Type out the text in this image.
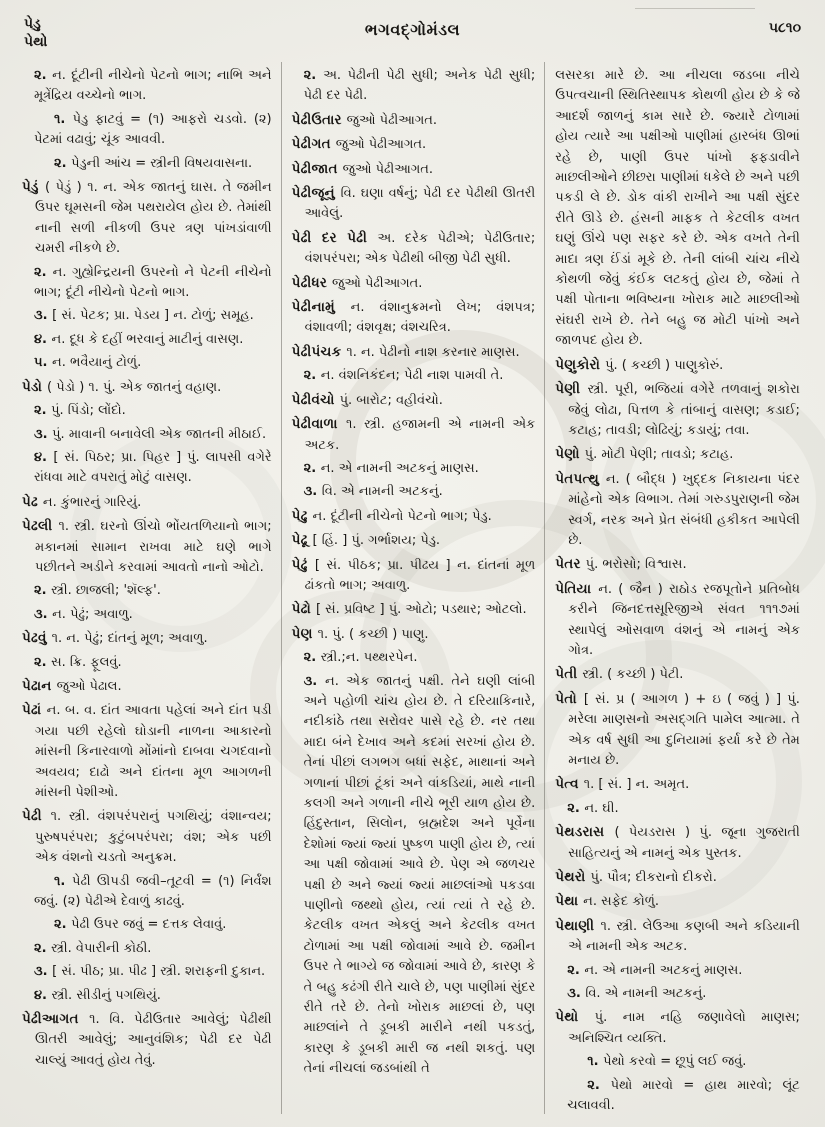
પેડુ
પેથો
ભગવદ્ગોમંડલ	૫૮૧૦

૨. ન. દૂંટીની નીચેનો પેટનો ભાગ; નાભિ અને મૂત્રેંદ્રિય વચ્ચેનો ભાગ.

૧. પેડુ ફાટવું = (૧) આફરો ચડવો. (૨) પેટમાં વઢાવું; ચૂંક આવવી.

૨. પેડુની આંચ = સ્ત્રીની વિષયવાસના.

પેડું ( પેડું ) ૧. ન. એક જાતનું ઘાસ. તે જમીન ઉપર ઘૂમસની જેમ પથરાયેલ હોય છે. તેમાંથી નાની સળી નીકળી ઉપર ત્રણ પાંખડાંવાળી ચમરી નીકળે છે.

૨. ન. ગુહ્યેન્દ્રિયની ઉપરનો ને પેટની નીચેનો ભાગ; દૂંટી નીચેનો પેટનો ભાગ.

૩. [ સં. પેટક; પ્રા. પેડય ] ન. ટોળું; સમૂહ.

૪. ન. દૂધ કે દહીં ભરવાનું માટીનું વાસણ.

૫. ન. ભવૈયાનું ટોળું.

પેડો ( પેડો ) ૧. પું. એક જાતનું વહાણ.

૨. પું. પિંડો; લોંદો.

૩. પું. માવાની બનાવેલી એક જાતની મીઠાઈ.

૪. [ સં. પિઠર; પ્રા. પિહર ] પું. લાપસી વગેરે રાંધવા માટે વપરાતું મોટું વાસણ.

પેઢ ન. કુંભારનું ગારિયું.

પેઢલી ૧. સ્ત્રી. ઘરનો ઊંચો ભોંયતળિયાનો ભાગ; મકાનમાં સામાન રાખવા માટે ઘણે ભાગે પછીતને અડીને કરવામાં આવતો નાનો ઓટો.

૨. સ્ત્રી. છાજલી; 'શૅલ્ફ'.

૩. ન. પેઢું; અવાળુ.

પેઢવું ૧. ન. પેઢું; દાંતનું મૂળ; અવાળુ.

૨. સ. ક્રિ. ફૂલવું.

પેઢાન જુઓ પેઢાલ.

પેઢાં ન. બ. વ. દાંત આવતા પહેલાં અને દાંત પડી ગયા પછી રહેલો ઘોડાની નાળના આકારનો માંસની કિનારવાળો મોંમાંનો દાબવા ચગદવાનો અવયવ; દાઢો અને દાંતના મૂળ આગળની માંસની પેશીઓ.

પેઢી ૧. સ્ત્રી. વંશપરંપરાનું પગથિયું; વંશાન્વય; પુરુષપરંપરા; કુટુંબપરંપરા; વંશ; એક પછી એક વંશનો ચડતો અનુક્રમ.

૧. પેઢી ઊપડી જવી–તૂટવી = (૧) નિર્વંશ જવું. (૨) પેઢીએ દેવાળું કાઢવું.

૨. પેઢી ઉપર જવું = દત્તક લેવાવું.

૨. સ્ત્રી. વેપારીની કોઠી.

૩. [ સં. પીઠ; પ્રા. પીઢ ] સ્ત્રી. શરાફની દુકાન.

૪. સ્ત્રી. સીડીનું પગથિયું.

પેઢીઆગત ૧. વિ. પેઢીઉતાર આવેલું; પેઢીથી ઊતરી આવેલું; આનુવંશિક; પેઢી દર પેઢી ચાલ્યું આવતું હોય તેવું.

૨. અ. પેઢીની પેઢી સુધી; અનેક પેઢી સુધી; પેઢી દર પેઢી.

પેઢીઉતાર જુઓ પેઢીઆગત.

પેઢીગત જુઓ પેઢીઆગત.

પેઢીજાત જુઓ પેઢીઆગત.

પેઢીજૂનું વિ. ઘણા વર્ષનું; પેઢી દર પેઢીથી ઊતરી આવેલું.

પેઢી દર પેઢી અ. દરેક પેઢીએ; પેઢીઉતાર; વંશપરંપરા; એક પેઢીથી બીજી પેઢી સુધી.

પેઢીધર જુઓ પેઢીઆગત.

પેઢીનામું ન. વંશાનુક્રમનો લેખ; વંશપત્ર; વંશાવળી; વંશવૃક્ષ; વંશચરિત્ર.

પેઢીપંચક ૧. ન. પેઢીનો નાશ કરનાર માણસ.

૨. ન. વંશનિકંદન; પેઢી નાશ પામવી તે.

પેઢીવંચો પું. બારોટ; વહીવંચો.

પેઢીવાળા ૧. સ્ત્રી. હજામની એ નામની એક અટક.

૨. ન. એ નામની અટકનું માણસ.

૩. વિ. એ નામની અટકનું.

પેઢુ ન. દૂંટીની નીચેનો પેટનો ભાગ; પેડુ.

પેઢૂ [ હિં. ] પું. ગર્ભાશય; પેડુ.

પેઢું [ સં. પીઠક; પ્રા. પીઢય ] ન. દાંતનાં મૂળ ઢાંકતો ભાગ; અવાળુ.

પેઢો [ સં. પ્રવિષ્ટ ] પું. ઓટો; પડથાર; ઓટલો.

પેણ ૧. પું. ( કચ્છી ) પાણુ.

૨. સ્ત્રી.;ન. પથ્થરપેન.

૩. ન. એક જાતનું પક્ષી. તેને ઘણી લાંબી અને પહોળી ચાંચ હોય છે. તે દરિયાકિનારે, નદીકાંઠે તથા સરોવર પાસે રહે છે. નર તથા માદા બંને દેખાવ અને કદમાં સરખાં હોય છે. તેનાં પીછાં લગભગ બધાં સફેદ, માથાનાં અને ગળાનાં પીછાં ટૂંકાં અને વાંકડિયાં, માથે નાની કલગી અને ગળાની નીચે ભૂરી યાળ હોય છે. હિંદુસ્તાન, સિલોન, બ્રહ્મદેશ અને પૂર્વેના દેશોમાં જ્યાં જ્યાં પુષ્કળ પાણી હોય છે, ત્યાં આ પક્ષી જોવામાં આવે છે. પેણ એ જળચર પક્ષી છે અને જ્યાં જ્યાં માછલાંઓ પકડવા પાણીનો જથ્થો હોય, ત્યાં ત્યાં તે રહે છે. કેટલીક વખત એકલું અને કેટલીક વખત ટોળામાં આ પક્ષી જોવામાં આવે છે. જમીન ઉપર તે ભાગ્યે જ જોવામાં આવે છે, કારણ કે તે બહુ કઢંગી રીતે ચાલે છે, પણ પાણીમાં સુંદર રીતે તરે છે. તેનો ખોરાક માછલાં છે, પણ માછલાંને તે ડૂબકી મારીને નથી પકડતું, કારણ કે ડૂબકી મારી જ નથી શકતું. પણ તેનાં નીચલાં જડબાંથી તે

લસરકા મારે છે. આ નીચલા જડબા નીચે ઉપત્વચાની સ્થિતિસ્થાપક કોથળી હોય છે કે જે આદર્શ જાળનું કામ સારે છે. જ્યારે ટોળામાં હોય ત્યારે આ પક્ષીઓ પાણીમાં હારબંધ ઊભાં રહે છે, પાણી ઉપર પાંખો ફફડાવીને માછલીઓને છીછરા પાણીમાં ધકેલે છે અને પછી પકડી લે છે. ડોક વાંકી રાખીને આ પક્ષી સુંદર રીતે ઊડે છે. હંસની માફક તે કેટલીક વખત ઘણું ઊંચે પણ સફર કરે છે. એક વખતે તેની માદા ત્રણ ઈંડાં મૂકે છે. તેની લાંબી ચાંચ નીચે કોથળી જેવું કંઈક લટકતું હોય છે, જેમાં તે પક્ષી પોતાના ભવિષ્યના ખોરાક માટે માછલીઓ સંઘરી રાખે છે. તેને બહુ જ મોટી પાંખો અને જાળપદ હોય છે.

પેણુકોરો પું. ( કચ્છી ) પાણુકોરું.

પેણી સ્ત્રી. પૂરી, ભજિયાં વગેરે તળવાનું શકોરા જેવું લોઢા, પિત્તળ કે તાંબાનું વાસણ; કડાઈ; કટાહ; તાવડી; લોઢિયું; કડાયું; તવા.

પેણો પું. મોટી પેણી; તાવડો; કટાહ.

પેતપત્થુ ન. ( બૌદ્ધ ) ખુદ્દક નિકાયના પંદર માંહેનો એક વિભાગ. તેમાં ગરુડપુરાણની જેમ સ્વર્ગ, નરક અને પ્રેત સંબંધી હકીકત આપેલી છે.

પેતર પું. ભરોસો; વિશ્વાસ.

પેતિયા ન. ( જૈન ) રાઠોડ રજપૂતોને પ્રતિબોધ કરીને જિનદત્તસૂરિજીએ સંવત ૧૧૧૭માં સ્થાપેલું ઓસવાળ વંશનું એ નામનું એક ગોત્ર.

પેતી સ્ત્રી. ( કચ્છી ) પેટી.

પેતો [ સં. પ્ર ( આગળ ) + ઇ ( જવું ) ] પું. મરેલા માણસનો અસદ્‌ગતિ પામેલ આત્મા. તે એક વર્ષ સુધી આ દુનિયામાં ફર્યા કરે છે તેમ મનાય છે.

પેત્વ ૧. [ સં. ] ન. અમૃત.

૨. ન. ઘી.

પેથડરાસ ( પેયડરાસ ) પું. જૂના ગુજરાતી સાહિત્યનું એ નામનું એક પુસ્તક.

પેથરો પું. પૌત્ર; દીકરાનો દીકરો.

પેથા ન. સફેદ કોળું.

પેથાણી ૧. સ્ત્રી. લેઉઆ કણબી અને કડિયાની એ નામની એક અટક.

૨. ન. એ નામની અટકનું માણસ.

૩. વિ. એ નામની અટકનું.

પેથો પું. નામ નહિ જણાવેલો માણસ; અનિશ્ચિત વ્યક્તિ.

૧. પેથો કરવો = છૂપું લઈ જવું.

૨. પેથો મારવો = હાથ મારવો; લૂંટ ચલાવવી.
